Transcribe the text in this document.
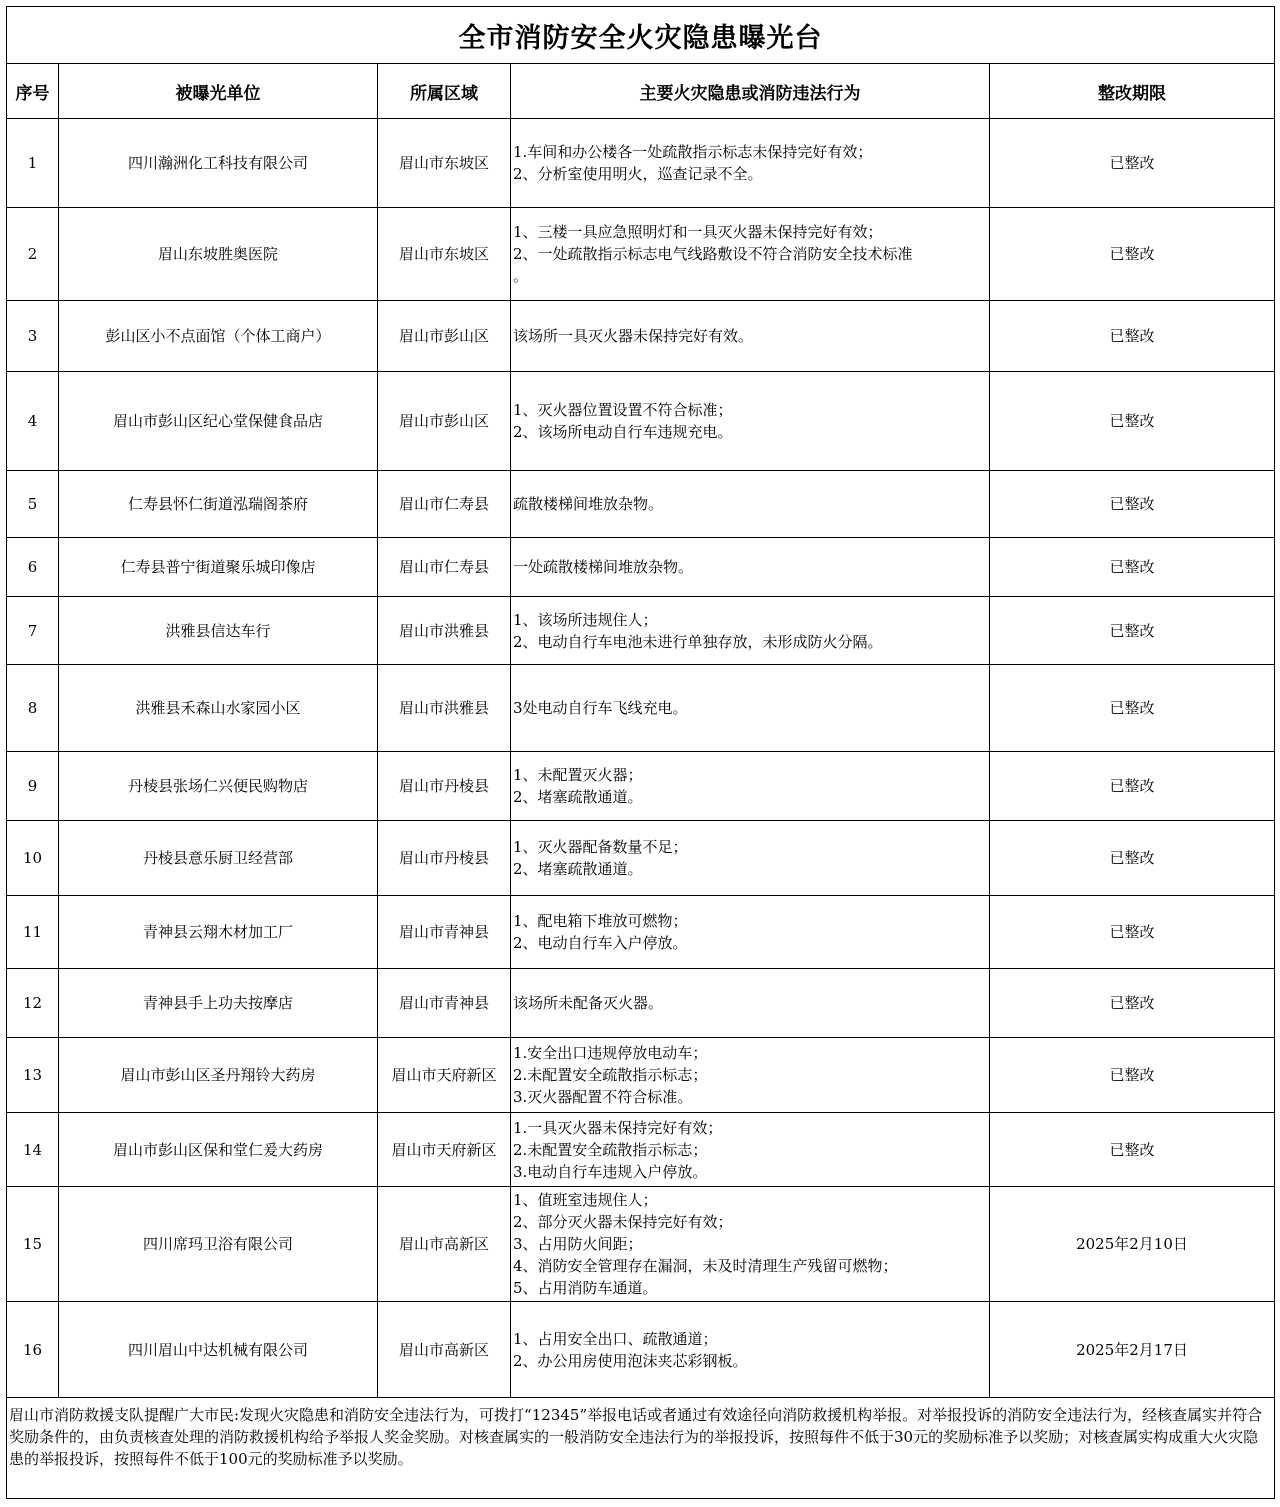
全市消防安全火灾隐患曝光台				
序号	被曝光单位	所属区域	主要火灾隐患或消防违法行为	整改期限
1	四川瀚洲化工科技有限公司	眉山市东坡区	1.车间和办公楼各一处疏散指示标志未保持完好有效；
2、分析室使用明火，巡查记录不全。	已整改
2	眉山东坡胜奥医院	眉山市东坡区	1、三楼一具应急照明灯和一具灭火器未保持完好有效；
2、一处疏散指示标志电气线路敷设不符合消防安全技术标准
。	已整改
3	彭山区小不点面馆（个体工商户）	眉山市彭山区	该场所一具灭火器未保持完好有效。	已整改
4	眉山市彭山区纪心堂保健食品店	眉山市彭山区	1、灭火器位置设置不符合标准；
2、该场所电动自行车违规充电。	已整改
5	仁寿县怀仁街道泓瑞阁茶府	眉山市仁寿县	疏散楼梯间堆放杂物。	已整改
6	仁寿县普宁街道聚乐城印像店	眉山市仁寿县	一处疏散楼梯间堆放杂物。	已整改
7	洪雅县信达车行	眉山市洪雅县	1、该场所违规住人；
2、电动自行车电池未进行单独存放，未形成防火分隔。	已整改
8	洪雅县禾森山水家园小区	眉山市洪雅县	3处电动自行车飞线充电。	已整改
9	丹棱县张场仁兴便民购物店	眉山市丹棱县	1、未配置灭火器；
2、堵塞疏散通道。	已整改
10	丹棱县意乐厨卫经营部	眉山市丹棱县	1、灭火器配备数量不足；
2、堵塞疏散通道。	已整改
11	青神县云翔木材加工厂	眉山市青神县	1、配电箱下堆放可燃物；
2、电动自行车入户停放。	已整改
12	青神县手上功夫按摩店	眉山市青神县	该场所未配备灭火器。	已整改
13	眉山市彭山区圣丹翔铃大药房	眉山市天府新区	1.安全出口违规停放电动车；
2.未配置安全疏散指示标志；
3.灭火器配置不符合标准。	已整改
14	眉山市彭山区保和堂仁爰大药房	眉山市天府新区	1.一具灭火器未保持完好有效；
2.未配置安全疏散指示标志；
3.电动自行车违规入户停放。	已整改
15	四川席玛卫浴有限公司	眉山市高新区	1、值班室违规住人；
2、部分灭火器未保持完好有效；
3、占用防火间距；
4、消防安全管理存在漏洞，未及时清理生产残留可燃物；
5、占用消防车通道。	2025年2月10日
16	四川眉山中达机械有限公司	眉山市高新区	1、占用安全出口、疏散通道；
2、办公用房使用泡沫夹芯彩钢板。	2025年2月17日
眉山市消防救援支队提醒广大市民:发现火灾隐患和消防安全违法行为，可拨打“12345”举报电话或者通过有效途径向消防救援机构举报。对举报投诉的消防安全违法行为，经核查属实并符合奖励条件的，由负责核查处理的消防救援机构给予举报人奖金奖励。对核查属实的一般消防安全违法行为的举报投诉，按照每件不低于30元的奖励标准予以奖励；对核查属实构成重大火灾隐患的举报投诉，按照每件不低于100元的奖励标准予以奖励。				
